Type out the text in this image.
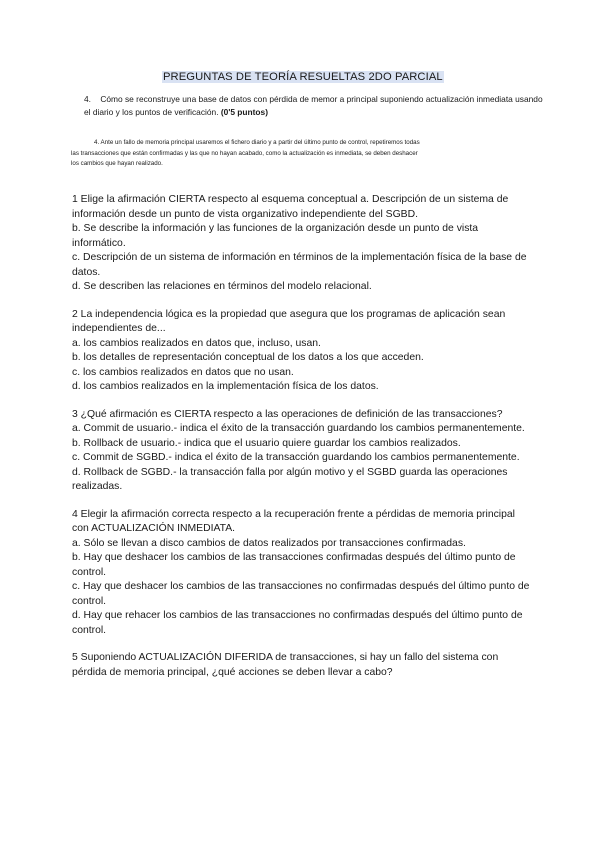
PREGUNTAS DE TEORÍA RESUELTAS 2DO PARCIAL
4. Cómo se reconstruye una base de datos con pérdida de memor a principal suponiendo actualización inmediata usando el diario y los puntos de verificación. (0'5 puntos)
4. Ante un fallo de memoria principal usaremos el fichero diario y a partir del último punto de control, repetiremos todas
las transacciones que están confirmadas y las que no hayan acabado, como la actualización es inmediata, se deben deshacer
los cambios que hayan realizado.

1 Elige la afirmación CIERTA respecto al esquema conceptual a. Descripción de un sistema de información desde un punto de vista organizativo independiente del SGBD.

b. Se describe la información y las funciones de la organización desde un punto de vista informático.

c. Descripción de un sistema de información en términos de la implementación física de la base de datos.

d. Se describen las relaciones en términos del modelo relacional.

2 La independencia lógica es la propiedad que asegura que los programas de aplicación sean independientes de...

a. los cambios realizados en datos que, incluso, usan.

b. los detalles de representación conceptual de los datos a los que acceden.

c. los cambios realizados en datos que no usan.

d. los cambios realizados en la implementación física de los datos.

3 ¿Qué afirmación es CIERTA respecto a las operaciones de definición de las transacciones?

a. Commit de usuario.- indica el éxito de la transacción guardando los cambios permanentemente.

b. Rollback de usuario.- indica que el usuario quiere guardar los cambios realizados.

c. Commit de SGBD.- indica el éxito de la transacción guardando los cambios permanentemente.

d. Rollback de SGBD.- la transacción falla por algún motivo y el SGBD guarda las operaciones realizadas.

4 Elegir la afirmación correcta respecto a la recuperación frente a pérdidas de memoria principal con ACTUALIZACIÓN INMEDIATA.

a. Sólo se llevan a disco cambios de datos realizados por transacciones confirmadas.

b. Hay que deshacer los cambios de las transacciones confirmadas después del último punto de control.

c. Hay que deshacer los cambios de las transacciones no confirmadas después del último punto de control.

d. Hay que rehacer los cambios de las transacciones no confirmadas después del último punto de control.

5 Suponiendo ACTUALIZACIÓN DIFERIDA de transacciones, si hay un fallo del sistema con pérdida de memoria principal, ¿qué acciones se deben llevar a cabo?
